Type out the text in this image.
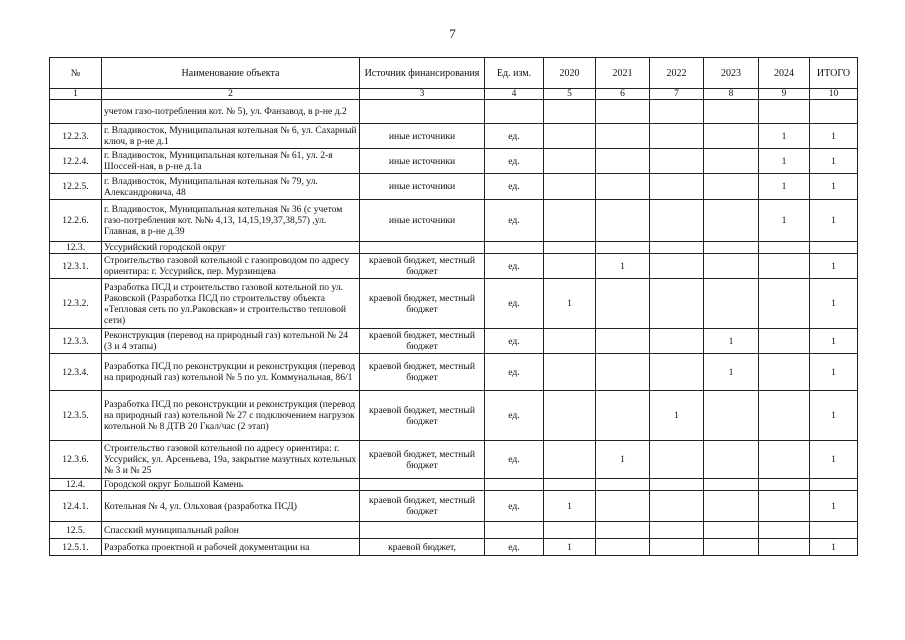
7
№	Наименование объекта	Источник финансирования	Ед. изм.	2020	2021	2022	2023	2024	ИТОГО
1	2	3	4	5	6	7	8	9	10
	учетом газо-потребления кот. № 5), ул. Фанзавод, в р-не д.2								
12.2.3.	г. Владивосток, Муниципальная котельная № 6, ул. Сахарный ключ, в р-не д.1	иные источники	ед.					1	1
12.2.4.	г. Владивосток, Муниципальная котельная № 61, ул. 2-я Шоссей-ная, в р-не д.1а	иные источники	ед.					1	1
12.2.5.	г. Владивосток, Муниципальная котельная № 79, ул. Александровича, 48	иные источники	ед.					1	1
12.2.6.	г. Владивосток, Муниципальная котельная № 36 (с учетом газо-потребления кот. №№ 4,13, 14,15,19,37,38,57) ,ул. Главная, в р-не д.39	иные источники	ед.					1	1
12.3.	Уссурийский городской округ								
12.3.1.	Строительство газовой котельной с газопроводом по адресу ориентира: г. Уссурийск, пер. Мурзинцева	краевой бюджет, местный бюджет	ед.		1				1
12.3.2.	Разработка ПСД и строительство газовой котельной по ул. Раковской (Разработка ПСД по строительству объекта «Тепловая сеть по ул.Раковская» и строительство тепловой сети)	краевой бюджет, местный бюджет	ед.	1					1
12.3.3.	Реконструкция (перевод на природный газ) котельной № 24 (3 и 4 этапы)	краевой бюджет, местный бюджет	ед.				1		1
12.3.4.	Разработка ПСД по реконструкции и реконструкция (перевод на природный газ) котельной № 5 по ул. Коммунальная, 86/1	краевой бюджет, местный бюджет	ед.				1		1
12.3.5.	Разработка ПСД по реконструкции и реконструкция (перевод на природный газ) котельной № 27 с подключением нагрузок котельной № 8 ДТВ 20 Гкал/час (2 этап)	краевой бюджет, местный бюджет	ед.			1			1
12.3.6.	Строительство газовой котельной по адресу ориентира: г. Уссурийск, ул. Арсеньева, 19а, закрытие мазутных котельных № 3 и № 25	краевой бюджет, местный бюджет	ед.		1				1
12.4.	Городской округ Большой Камень								
12.4.1.	Котельная № 4, ул. Ольховая (разработка ПСД)	краевой бюджет, местный бюджет	ед.	1					1
12.5.	Спасский муниципальный район								
12.5.1.	Разработка проектной и рабочей документации на	краевой бюджет,	ед.	1					1
